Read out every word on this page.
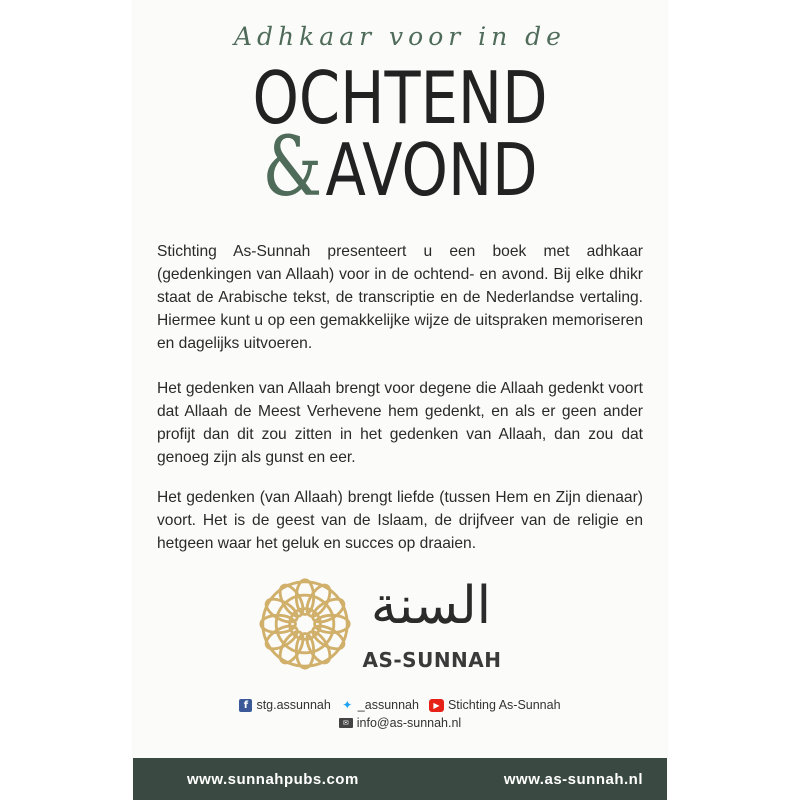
Adhkaar voor in de
OCHTEND
&AVOND

Stichting As-Sunnah presenteert u een boek met adhkaar (gedenkingen van Allaah) voor in de ochtend- en avond. Bij elke dhikr staat de Arabische tekst, de transcriptie en de Nederlandse vertaling. Hiermee kunt u op een gemakkelijke wijze de uitspraken memoriseren en dagelijks uitvoeren.

Het gedenken van Allaah brengt voor degene die Allaah gedenkt voort dat Allaah de Meest Verhevene hem gedenkt, en als er geen ander profijt dan dit zou zitten in het gedenken van Allaah, dan zou dat genoeg zijn als gunst en eer.

Het gedenken (van Allaah) brengt liefde (tussen Hem en Zijn dienaar) voort. Het is de geest van de Islaam, de drijfveer van de religie en hetgeen waar het geluk en succes op draaien.

السنة
AS-SUNNAH
f stg.assunnah ✦ _assunnah	▶ Stichting As-Sunnah
✉ info@as-sunnah.nl
www.sunnahpubs.com	www.as-sunnah.nl
